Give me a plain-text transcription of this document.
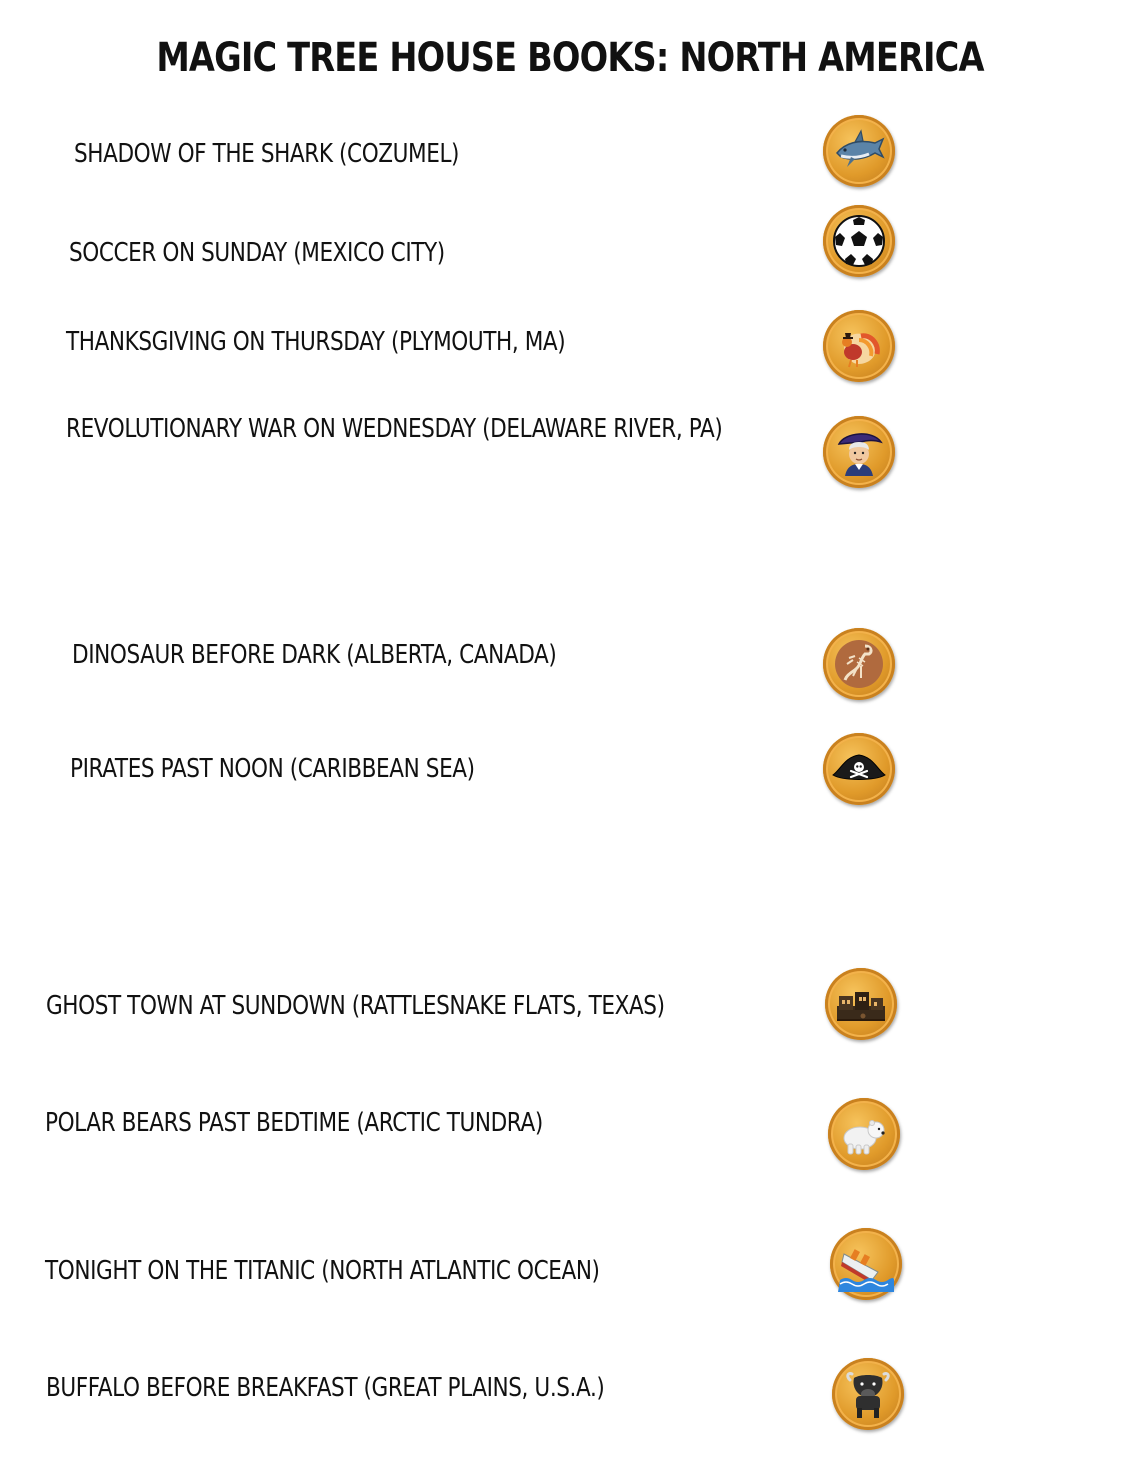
MAGIC TREE HOUSE BOOKS: NORTH AMERICA
SHADOW OF THE SHARK (COZUMEL)
SOCCER ON SUNDAY (MEXICO CITY)
THANKSGIVING ON THURSDAY (PLYMOUTH, MA)
REVOLUTIONARY WAR ON WEDNESDAY (DELAWARE RIVER, PA)
DINOSAUR BEFORE DARK (ALBERTA, CANADA)
PIRATES PAST NOON (CARIBBEAN SEA)
GHOST TOWN AT SUNDOWN (RATTLESNAKE FLATS, TEXAS)
POLAR BEARS PAST BEDTIME (ARCTIC TUNDRA)
TONIGHT ON THE TITANIC (NORTH ATLANTIC OCEAN)
BUFFALO BEFORE BREAKFAST (GREAT PLAINS, U.S.A.)
